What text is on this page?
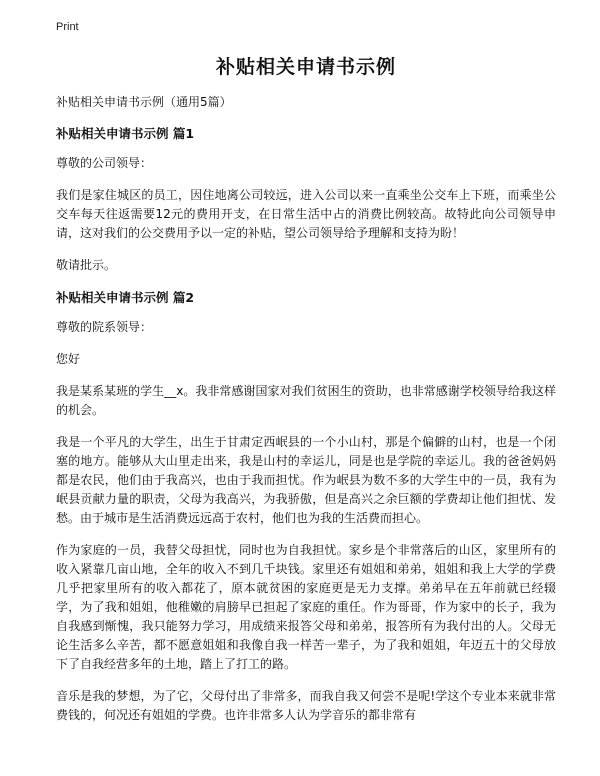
Print
补贴相关申请书示例
补贴相关申请书示例（通用5篇）
补贴相关申请书示例 篇1
尊敬的公司领导：
我们是家住城区的员工，因住地离公司较远，进入公司以来一直乘坐公交车上下班，而乘坐公交车每天往返需要12元的费用开支，在日常生活中占的消费比例较高。故特此向公司领导申请，这对我们的公交费用予以一定的补贴，望公司领导给予理解和支持为盼！
敬请批示。
补贴相关申请书示例 篇2
尊敬的院系领导：
您好
我是某系某班的学生__x。我非常感谢国家对我们贫困生的资助，也非常感谢学校领导给我这样的机会。
我是一个平凡的大学生，出生于甘肃定西岷县的一个小山村，那是个偏僻的山村，也是一个闭塞的地方。能够从大山里走出来，我是山村的幸运儿，同是也是学院的幸运儿。我的爸爸妈妈都是农民，他们由于我高兴，也由于我而担忧。作为岷县为数不多的大学生中的一员，我有为岷县贡献力量的职责，父母为我高兴，为我骄傲，但是高兴之余巨额的学费却让他们担忧、发愁。由于城市是生活消费远远高于农村，他们也为我的生活费而担心。
作为家庭的一员，我替父母担忧，同时也为自我担忧。家乡是个非常落后的山区，家里所有的收入紧靠几亩山地，全年的收入不到几千块钱。家里还有姐姐和弟弟，姐姐和我上大学的学费几乎把家里所有的收入都花了，原本就贫困的家庭更是无力支撑。弟弟早在五年前就已经辍学，为了我和姐姐，他稚嫩的肩膀早已担起了家庭的重任。作为哥哥，作为家中的长子，我为自我感到惭愧，我只能努力学习，用成绩来报答父母和弟弟，报答所有为我付出的人。父母无论生活多么辛苦，都不愿意姐姐和我像自我一样苦一辈子，为了我和姐姐，年迈五十的父母放下了自我经营多年的土地，踏上了打工的路。
音乐是我的梦想，为了它，父母付出了非常多，而我自我又何尝不是呢!学这个专业本来就非常费钱的，何况还有姐姐的学费。也许非常多人认为学音乐的都非常有
